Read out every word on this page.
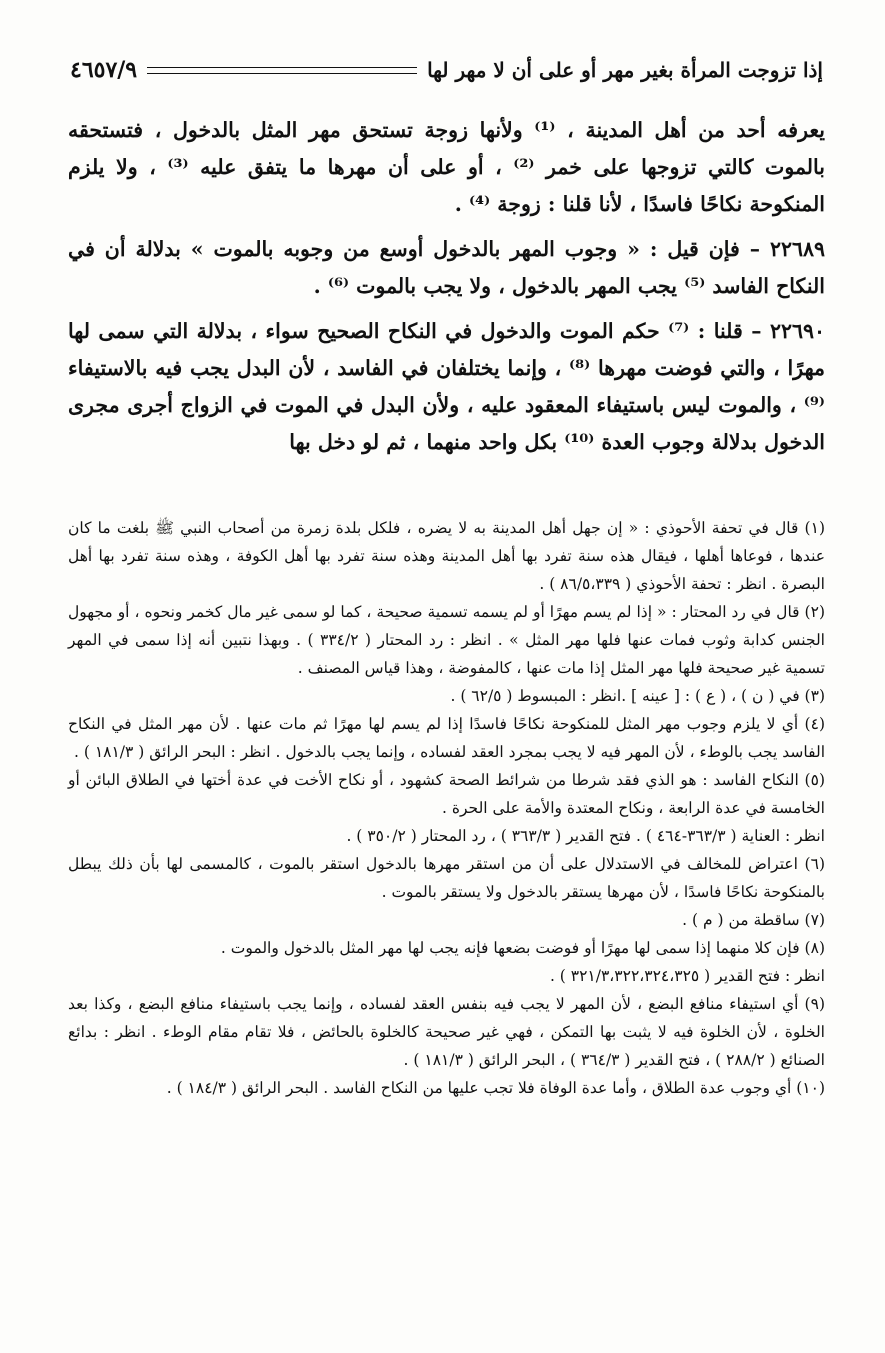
إذا تزوجت المرأة بغير مهر أو على أن لا مهر لها
٤٦٥٧/٩

يعرفه أحد من أهل المدينة ، ⁽¹⁾ ولأنها زوجة تستحق مهر المثل بالدخول ، فتستحقه بالموت كالتي تزوجها على خمر ⁽²⁾ ، أو على أن مهرها ما يتفق عليه ⁽³⁾ ، ولا يلزم المنكوحة نكاحًا فاسدًا ، لأنا قلنا : زوجة ⁽⁴⁾ .

٢٢٦٨٩ – فإن قيل : « وجوب المهر بالدخول أوسع من وجوبه بالموت » بدلالة أن في النكاح الفاسد ⁽⁵⁾ يجب المهر بالدخول ، ولا يجب بالموت ⁽⁶⁾ .

٢٢٦٩٠ – قلنا : ⁽⁷⁾ حكم الموت والدخول في النكاح الصحيح سواء ، بدلالة التي سمى لها مهرًا ، والتي فوضت مهرها ⁽⁸⁾ ، وإنما يختلفان في الفاسد ، لأن البدل يجب فيه بالاستيفاء ⁽⁹⁾ ، والموت ليس باستيفاء المعقود عليه ، ولأن البدل في الموت في الزواج أجرى مجرى الدخول بدلالة وجوب العدة ⁽¹⁰⁾ بكل واحد منهما ، ثم لو دخل بها

(١) قال في تحفة الأحوذي : « إن جهل أهل المدينة به لا يضره ، فلكل بلدة زمرة من أصحاب النبي ﷺ بلغت ما كان عندها ، فوعاها أهلها ، فيقال هذه سنة تفرد بها أهل المدينة وهذه سنة تفرد بها أهل الكوفة ، وهذه سنة تفرد بها أهل البصرة . انظر : تحفة الأحوذي ( ٨٦/٥،٣٣٩ ) .

(٢) قال في رد المحتار : « إذا لم يسم مهرًا أو لم يسمه تسمية صحيحة ، كما لو سمى غير مال كخمر ونحوه ، أو مجهول الجنس كدابة وثوب فمات عنها فلها مهر المثل » . انظر : رد المحتار ( ٣٣٤/٢ ) . وبهذا نتبين أنه إذا سمى في المهر تسمية غير صحيحة فلها مهر المثل إذا مات عنها ، كالمفوضة ، وهذا قياس المصنف .

(٣) في ( ن ) ، ( ع ) : [ عينه ] .انظر : المبسوط ( ٦٢/٥ ) .

(٤) أي لا يلزم وجوب مهر المثل للمنكوحة نكاحًا فاسدًا إذا لم يسم لها مهرًا ثم مات عنها . لأن مهر المثل في النكاح الفاسد يجب بالوطء ، لأن المهر فيه لا يجب بمجرد العقد لفساده ، وإنما يجب بالدخول . انظر : البحر الرائق ( ١٨١/٣ ) .

(٥) النكاح الفاسد : هو الذي فقد شرطا من شرائط الصحة كشهود ، أو نكاح الأخت في عدة أختها في الطلاق البائن أو الخامسة في عدة الرابعة ، ونكاح المعتدة والأمة على الحرة .

انظر : العناية ( ٣٦٣/٣-٤٦٤ ) . فتح القدير ( ٣٦٣/٣ ) ، رد المحتار ( ٣٥٠/٢ ) .

(٦) اعتراض للمخالف في الاستدلال على أن من استقر مهرها بالدخول استقر بالموت ، كالمسمى لها بأن ذلك يبطل بالمنكوحة نكاحًا فاسدًا ، لأن مهرها يستقر بالدخول ولا يستقر بالموت .

(٧) ساقطة من ( م ) .

(٨) فإن كلا منهما إذا سمى لها مهرًا أو فوضت بضعها فإنه يجب لها مهر المثل بالدخول والموت .

انظر : فتح القدير ( ٣٢١/٣،٣٢٢،٣٢٤،٣٢٥ ) .

(٩) أي استيفاء منافع البضع ، لأن المهر لا يجب فيه بنفس العقد لفساده ، وإنما يجب باستيفاء منافع البضع ، وكذا بعد الخلوة ، لأن الخلوة فيه لا يثبت بها التمكن ، فهي غير صحيحة كالخلوة بالحائض ، فلا تقام مقام الوطء . انظر : بدائع الصنائع ( ٢٨٨/٢ ) ، فتح القدير ( ٣٦٤/٣ ) ، البحر الرائق ( ١٨١/٣ ) .

(١٠) أي وجوب عدة الطلاق ، وأما عدة الوفاة فلا تجب عليها من النكاح الفاسد . البحر الرائق ( ١٨٤/٣ ) .
